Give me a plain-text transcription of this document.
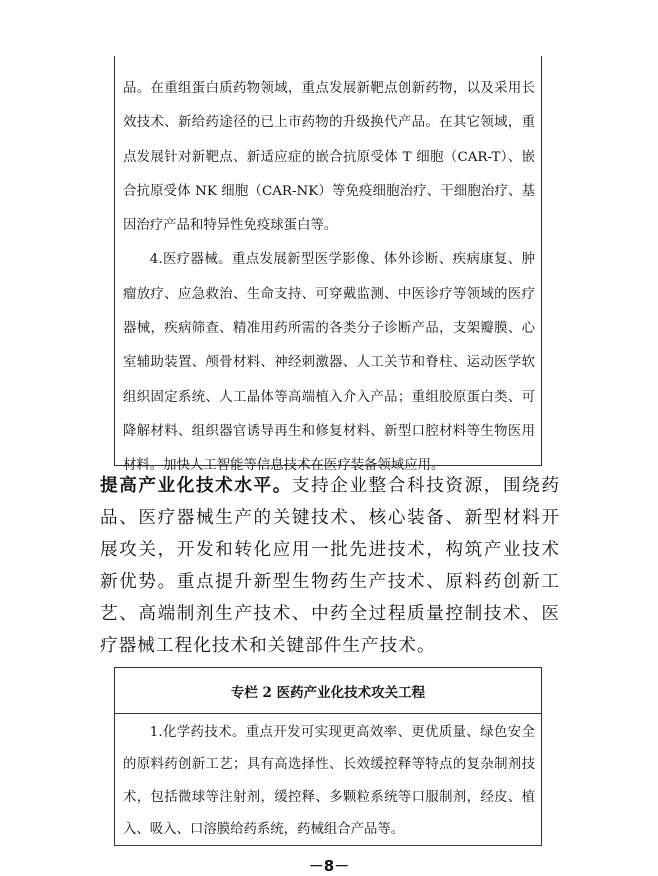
品。在重组蛋白质药物领域，重点发展新靶点创新药物，以及采用长效技术、新给药途径的已上市药物的升级换代产品。在其它领域，重点发展针对新靶点、新适应症的嵌合抗原受体 T 细胞（CAR-T）、嵌合抗原受体 NK 细胞（CAR-NK）等免疫细胞治疗、干细胞治疗、基因治疗产品和特异性免疫球蛋白等。

4.医疗器械。重点发展新型医学影像、体外诊断、疾病康复、肿瘤放疗、应急救治、生命支持、可穿戴监测、中医诊疗等领域的医疗器械，疾病筛查、精准用药所需的各类分子诊断产品，支架瓣膜、心室辅助装置、颅骨材料、神经刺激器、人工关节和脊柱、运动医学软组织固定系统、人工晶体等高端植入介入产品；重组胶原蛋白类、可降解材料、组织器官诱导再生和修复材料、新型口腔材料等生物医用材料。加快人工智能等信息技术在医疗装备领域应用。

提高产业化技术水平。支持企业整合科技资源，围绕药品、医疗器械生产的关键技术、核心装备、新型材料开展攻关，开发和转化应用一批先进技术，构筑产业技术新优势。重点提升新型生物药生产技术、原料药创新工艺、高端制剂生产技术、中药全过程质量控制技术、医疗器械工程化技术和关键部件生产技术。
专栏 2 医药产业化技术攻关工程

1.化学药技术。重点开发可实现更高效率、更优质量、绿色安全的原料药创新工艺；具有高选择性、长效缓控释等特点的复杂制剂技术，包括微球等注射剂，缓控释、多颗粒系统等口服制剂，经皮、植入、吸入、口溶膜给药系统，药械组合产品等。

－8－
